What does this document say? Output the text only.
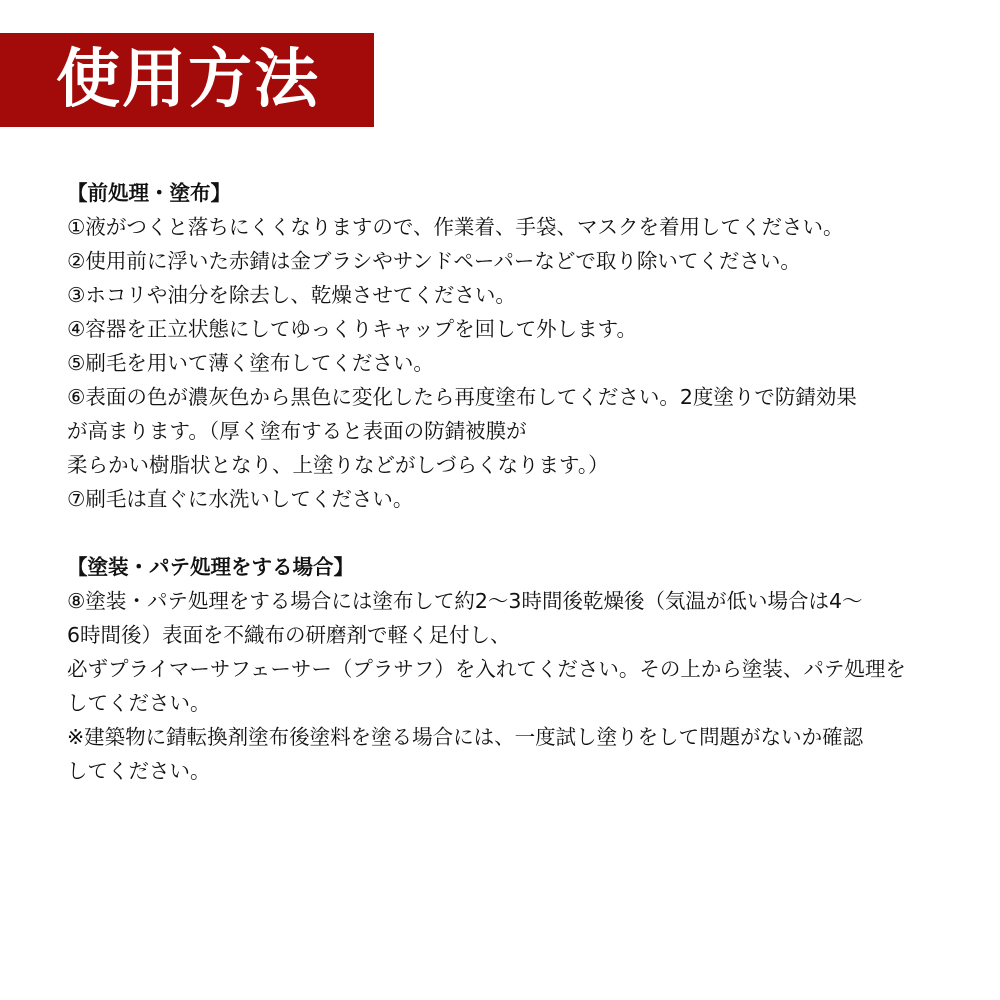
使用方法
【前処理・塗布】
①液がつくと落ちにくくなりますので、作業着、手袋、マスクを着用してください。
②使用前に浮いた赤錆は金ブラシやサンドペーパーなどで取り除いてください。
③ホコリや油分を除去し、乾燥させてください。
④容器を正立状態にしてゆっくりキャップを回して外します。
⑤刷毛を用いて薄く塗布してください。
⑥表面の色が濃灰色から黒色に変化したら再度塗布してください。2度塗りで防錆効果
が高まります。（厚く塗布すると表面の防錆被膜が
柔らかい樹脂状となり、上塗りなどがしづらくなります。）
⑦刷毛は直ぐに水洗いしてください。
【塗装・パテ処理をする場合】
⑧塗装・パテ処理をする場合には塗布して約2〜3時間後乾燥後（気温が低い場合は4〜
6時間後）表面を不織布の研磨剤で軽く足付し、
必ずプライマーサフェーサー（プラサフ）を入れてください。その上から塗装、パテ処理を
してください。
※建築物に錆転換剤塗布後塗料を塗る場合には、一度試し塗りをして問題がないか確認
してください。
